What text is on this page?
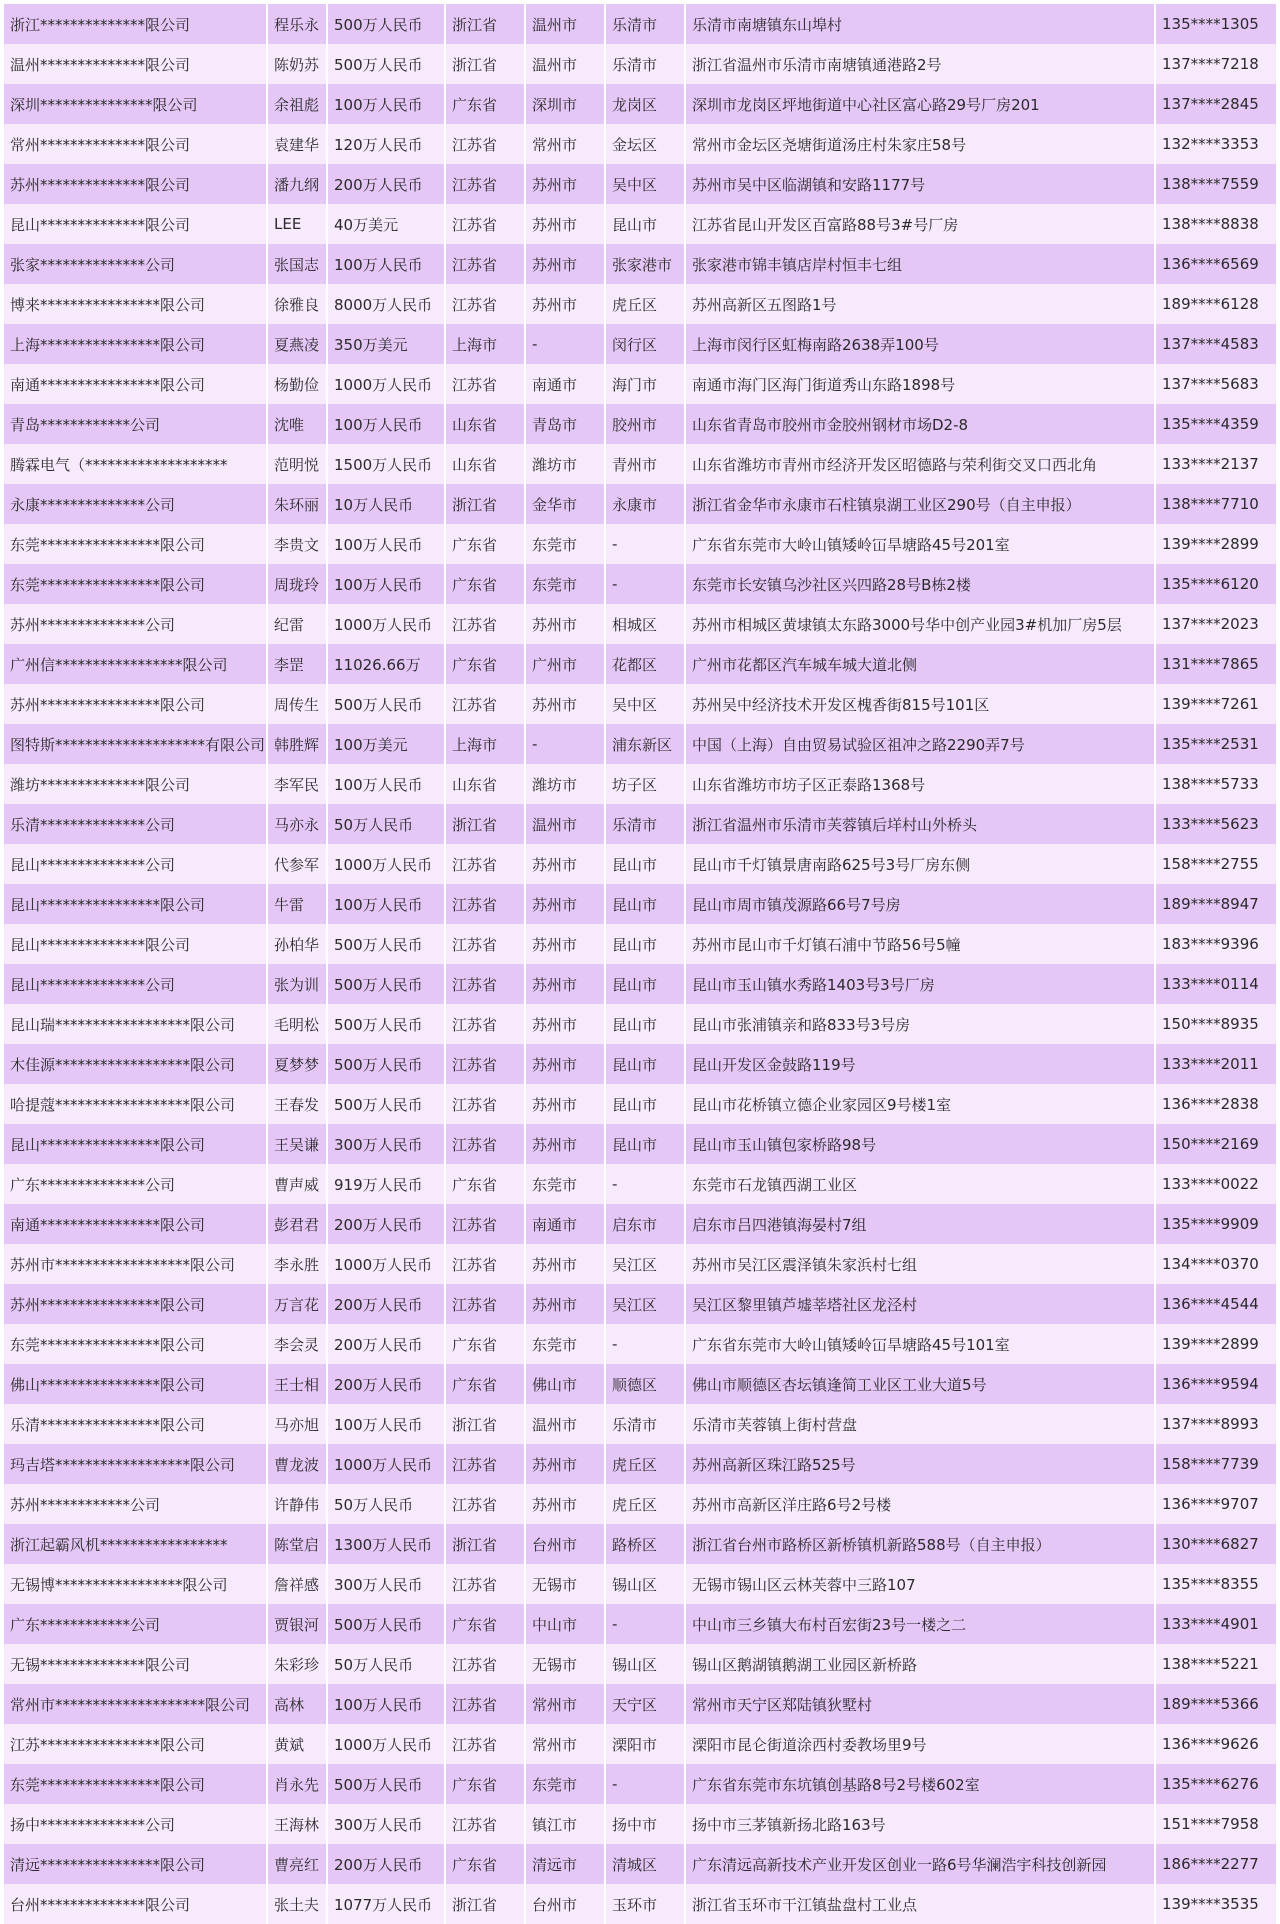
浙江**************限公司	程乐永	500万人民币	浙江省	温州市	乐清市	乐清市南塘镇东山埠村	135****1305
温州**************限公司	陈奶苏	500万人民币	浙江省	温州市	乐清市	浙江省温州市乐清市南塘镇通港路2号	137****7218
深圳***************限公司	余祖彪	100万人民币	广东省	深圳市	龙岗区	深圳市龙岗区坪地街道中心社区富心路29号厂房201	137****2845
常州**************限公司	袁建华	120万人民币	江苏省	常州市	金坛区	常州市金坛区尧塘街道汤庄村朱家庄58号	132****3353
苏州**************限公司	潘九纲	200万人民币	江苏省	苏州市	吴中区	苏州市吴中区临湖镇和安路1177号	138****7559
昆山**************限公司	LEE	40万美元	江苏省	苏州市	昆山市	江苏省昆山开发区百富路88号3#号厂房	138****8838
张家**************公司	张国志	100万人民币	江苏省	苏州市	张家港市	张家港市锦丰镇店岸村恒丰七组	136****6569
博来****************限公司	徐雅良	8000万人民币	江苏省	苏州市	虎丘区	苏州高新区五图路1号	189****6128
上海****************限公司	夏燕凌	350万美元	上海市	-	闵行区	上海市闵行区虹梅南路2638弄100号	137****4583
南通****************限公司	杨勤俭	1000万人民币	江苏省	南通市	海门市	南通市海门区海门街道秀山东路1898号	137****5683
青岛************公司	沈唯	100万人民币	山东省	青岛市	胶州市	山东省青岛市胶州市金胶州钢材市场D2-8	135****4359
腾霖电气（*******************	范明悦	1500万人民币	山东省	潍坊市	青州市	山东省潍坊市青州市经济开发区昭德路与荣利街交叉口西北角	133****2137
永康**************公司	朱环丽	10万人民币	浙江省	金华市	永康市	浙江省金华市永康市石柱镇泉湖工业区290号（自主申报）	138****7710
东莞****************限公司	李贵文	100万人民币	广东省	东莞市	-	广东省东莞市大岭山镇矮岭冚旱塘路45号201室	139****2899
东莞****************限公司	周珑玲	100万人民币	广东省	东莞市	-	东莞市长安镇乌沙社区兴四路28号B栋2楼	135****6120
苏州**************公司	纪雷	1000万人民币	江苏省	苏州市	相城区	苏州市相城区黄埭镇太东路3000号华中创产业园3#机加厂房5层	137****2023
广州信*****************限公司	李罡	11026.66万	广东省	广州市	花都区	广州市花都区汽车城车城大道北侧	131****7865
苏州****************限公司	周传生	500万人民币	江苏省	苏州市	吴中区	苏州吴中经济技术开发区槐香街815号101区	139****7261
图特斯********************有限公司	韩胜辉	100万美元	上海市	-	浦东新区	中国（上海）自由贸易试验区祖冲之路2290弄7号	135****2531
潍坊**************限公司	李军民	100万人民币	山东省	潍坊市	坊子区	山东省潍坊市坊子区正泰路1368号	138****5733
乐清**************公司	马亦永	50万人民币	浙江省	温州市	乐清市	浙江省温州市乐清市芙蓉镇后垟村山外桥头	133****5623
昆山**************公司	代参军	1000万人民币	江苏省	苏州市	昆山市	昆山市千灯镇景唐南路625号3号厂房东侧	158****2755
昆山****************限公司	牛雷	100万人民币	江苏省	苏州市	昆山市	昆山市周市镇茂源路66号7号房	189****8947
昆山**************限公司	孙柏华	500万人民币	江苏省	苏州市	昆山市	苏州市昆山市千灯镇石浦中节路56号5幢	183****9396
昆山**************公司	张为训	500万人民币	江苏省	苏州市	昆山市	昆山市玉山镇水秀路1403号3号厂房	133****0114
昆山瑞******************限公司	毛明松	500万人民币	江苏省	苏州市	昆山市	昆山市张浦镇亲和路833号3号房	150****8935
木佳源******************限公司	夏梦梦	500万人民币	江苏省	苏州市	昆山市	昆山开发区金鼓路119号	133****2011
哈提蔻******************限公司	王春发	500万人民币	江苏省	苏州市	昆山市	昆山市花桥镇立德企业家园区9号楼1室	136****2838
昆山****************限公司	王吴谦	300万人民币	江苏省	苏州市	昆山市	昆山市玉山镇包家桥路98号	150****2169
广东**************公司	曹声威	919万人民币	广东省	东莞市	-	东莞市石龙镇西湖工业区	133****0022
南通****************限公司	彭君君	200万人民币	江苏省	南通市	启东市	启东市吕四港镇海晏村7组	135****9909
苏州市******************限公司	李永胜	1000万人民币	江苏省	苏州市	吴江区	苏州市吴江区震泽镇朱家浜村七组	134****0370
苏州****************限公司	万言花	200万人民币	江苏省	苏州市	吴江区	吴江区黎里镇芦墟莘塔社区龙泾村	136****4544
东莞****************限公司	李会灵	200万人民币	广东省	东莞市	-	广东省东莞市大岭山镇矮岭冚旱塘路45号101室	139****2899
佛山****************限公司	王士相	200万人民币	广东省	佛山市	顺德区	佛山市顺德区杏坛镇逢简工业区工业大道5号	136****9594
乐清****************限公司	马亦旭	100万人民币	浙江省	温州市	乐清市	乐清市芙蓉镇上街村营盘	137****8993
玛吉塔******************限公司	曹龙波	1000万人民币	江苏省	苏州市	虎丘区	苏州高新区珠江路525号	158****7739
苏州************公司	许静伟	50万人民币	江苏省	苏州市	虎丘区	苏州市高新区洋庄路6号2号楼	136****9707
浙江起霸风机*****************	陈堂启	1300万人民币	浙江省	台州市	路桥区	浙江省台州市路桥区新桥镇机新路588号（自主申报）	130****6827
无锡博*****************限公司	詹祥感	300万人民币	江苏省	无锡市	锡山区	无锡市锡山区云林芙蓉中三路107	135****8355
广东************公司	贾银河	500万人民币	广东省	中山市	-	中山市三乡镇大布村百宏街23号一楼之二	133****4901
无锡**************限公司	朱彩珍	50万人民币	江苏省	无锡市	锡山区	锡山区鹅湖镇鹅湖工业园区新桥路	138****5221
常州市********************限公司	高林	100万人民币	江苏省	常州市	天宁区	常州市天宁区郑陆镇狄墅村	189****5366
江苏****************限公司	黄斌	1000万人民币	江苏省	常州市	溧阳市	溧阳市昆仑街道涂西村委教场里9号	136****9626
东莞****************限公司	肖永先	500万人民币	广东省	东莞市	-	广东省东莞市东坑镇创基路8号2号楼602室	135****6276
扬中**************公司	王海林	300万人民币	江苏省	镇江市	扬中市	扬中市三茅镇新扬北路163号	151****7958
清远****************限公司	曹亮红	200万人民币	广东省	清远市	清城区	广东清远高新技术产业开发区创业一路6号华澜浩宇科技创新园	186****2277
台州**************限公司	张土夫	1077万人民币	浙江省	台州市	玉环市	浙江省玉环市干江镇盐盘村工业点	139****3535
